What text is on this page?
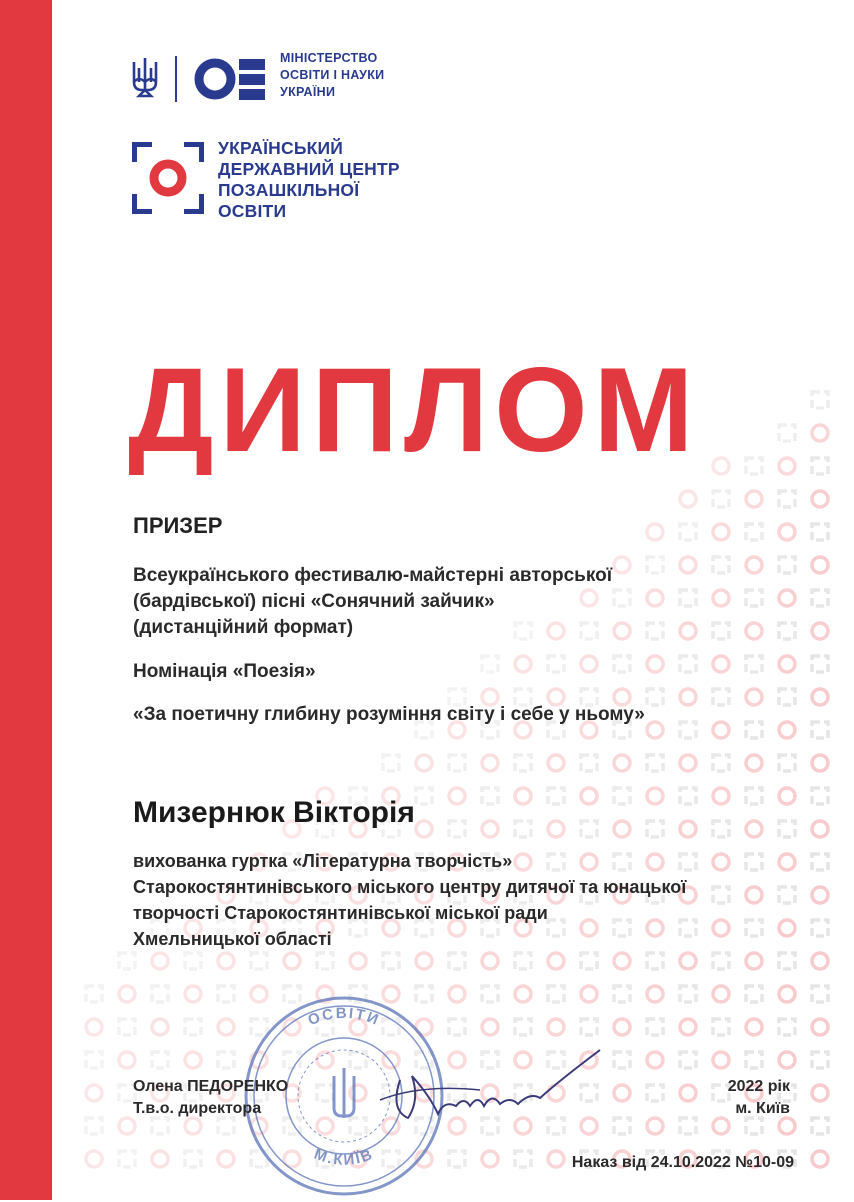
МІНІСТЕРСТВО
ОСВІТИ І НАУКИ
УКРАЇНИ
УКРАЇНСЬКИЙ
ДЕРЖАВНИЙ ЦЕНТР
ПОЗАШКІЛЬНОЇ
ОСВІТИ
ДИПЛОМ
ПРИЗЕР
Всеукраїнського фестивалю-майстерні авторської
(бардівської) пісні «Сонячний зайчик»
(дистанційний формат)
Номінація «Поезія»
«За поетичну глибину розуміння світу і себе у ньому»
Мизернюк Вікторія
вихованка гуртка «Літературна творчість»
Старокостянтинівського міського центру дитячої та юнацької
творчості Старокостянтинівської міської ради
Хмельницької області
ОСВІТИ
М.КИЇВ
Олена ПЕДОРЕНКО
Т.в.о. директора
2022 рік
м. Київ
Наказ від 24.10.2022 №10-09
